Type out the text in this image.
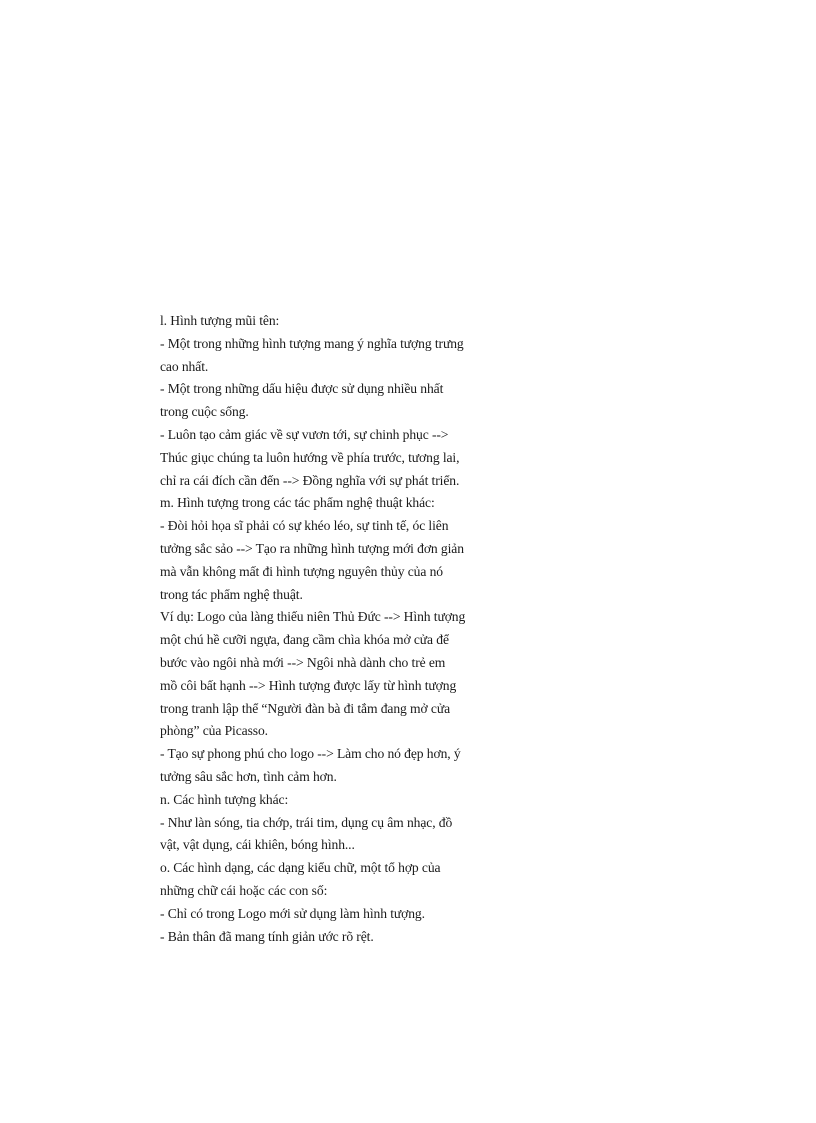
l. Hình tượng mũi tên:
- Một trong những hình tượng mang ý nghĩa tượng trưng
cao nhất.
- Một trong những dấu hiệu được sử dụng nhiều nhất
trong cuộc sống.
- Luôn tạo cảm giác về sự vươn tới, sự chinh phục -->
Thúc giục chúng ta luôn hướng về phía trước, tương lai,
chỉ ra cái đích cần đến --> Đồng nghĩa với sự phát triển.
m. Hình tượng trong các tác phẩm nghệ thuật khác:
- Đòi hỏi họa sĩ phải có sự khéo léo, sự tinh tế, óc liên
tưởng sắc sảo --> Tạo ra những hình tượng mới đơn giản
mà vẫn không mất đi hình tượng nguyên thủy của nó
trong tác phẩm nghệ thuật.
Ví dụ: Logo của làng thiếu niên Thủ Đức --> Hình tượng
một chú hề cưỡi ngựa, đang cầm chìa khóa mở cửa để
bước vào ngôi nhà mới --> Ngôi nhà dành cho trẻ em
mồ côi bất hạnh --> Hình tượng được lấy từ hình tượng
trong tranh lập thể “Người đàn bà đi tắm đang mở cửa
phòng” của Picasso.
- Tạo sự phong phú cho logo --> Làm cho nó đẹp hơn, ý
tưởng sâu sắc hơn, tình cảm hơn.
n. Các hình tượng khác:
- Như làn sóng, tia chớp, trái tim, dụng cụ âm nhạc, đồ
vật, vật dụng, cái khiên, bóng hình...
o. Các hình dạng, các dạng kiểu chữ, một tổ hợp của
những chữ cái hoặc các con số:
- Chỉ có trong Logo mới sử dụng làm hình tượng.
- Bản thân đã mang tính giản ước rõ rệt.
